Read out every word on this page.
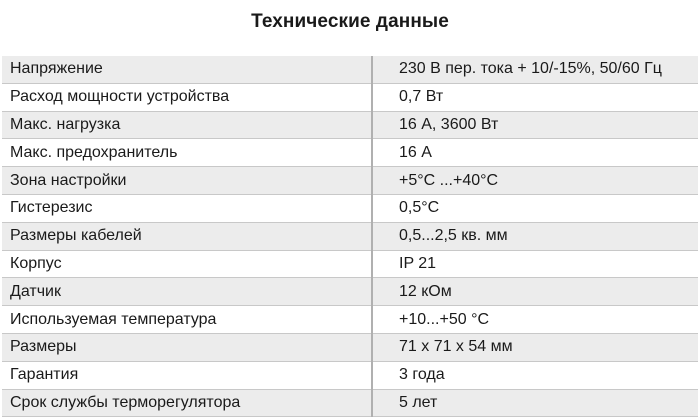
Технические данные
Напряжение	230 В пер. тока + 10/-15%, 50/60 Гц
Расход мощности устройства	0,7 Вт
Макс. нагрузка	16 А, 3600 Вт
Макс. предохранитель	16 А
Зона настройки	+5°C ...+40°C
Гистерезис	0,5°C
Размеры кабелей	0,5...2,5 кв. мм
Корпус	IP 21
Датчик	12 кОм
Используемая температура	+10...+50 °C
Размеры	71 x 71 x 54 мм
Гарантия	3 года
Срок службы терморегулятора	5 лет
